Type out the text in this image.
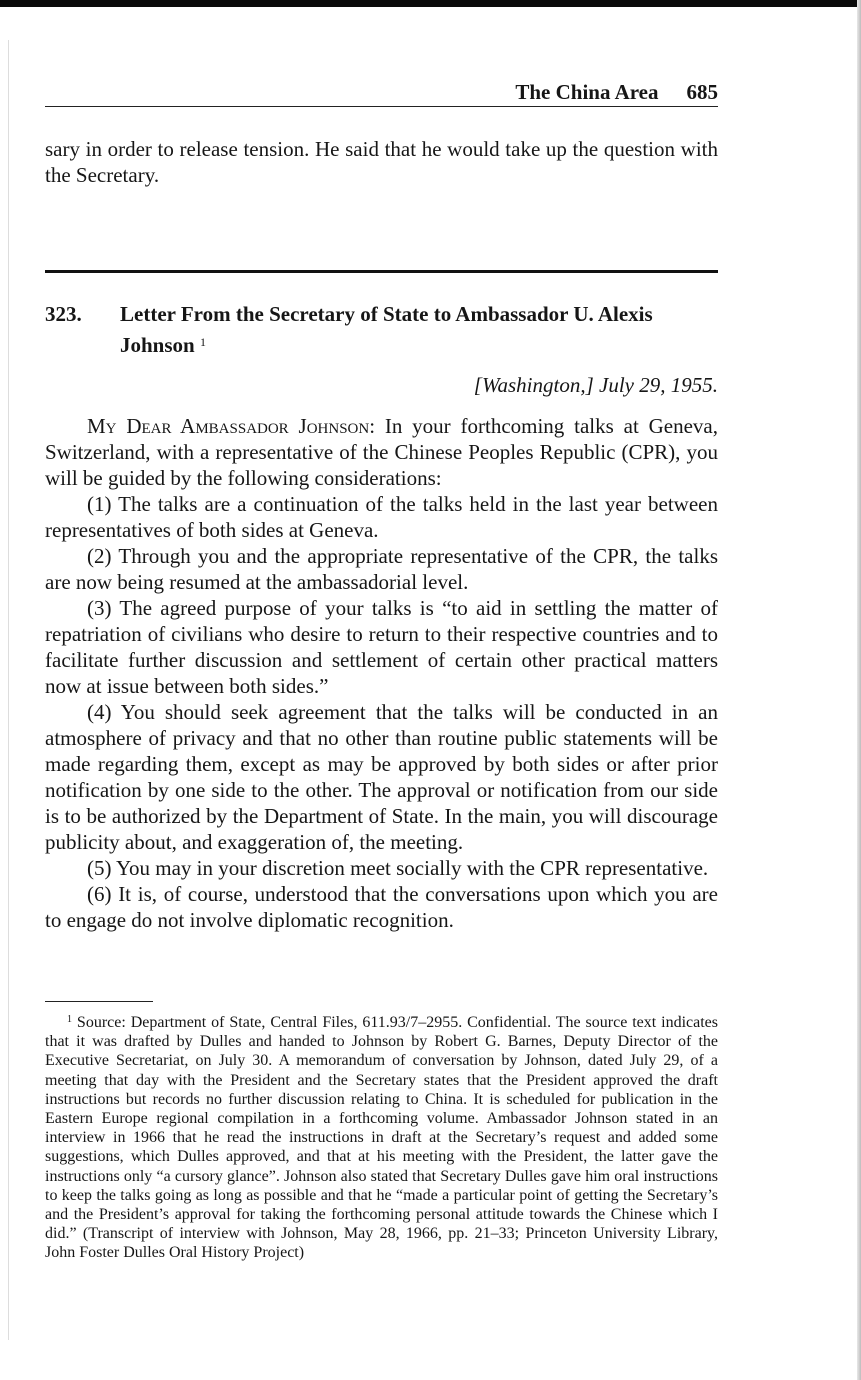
The China Area 685
sary in order to release tension. He said that he would take up the question with the Secretary.
323. Letter From the Secretary of State to Ambassador U. Alexis Johnson $^1$
[Washington,] July 29, 1955.

My Dear Ambassador Johnson: In your forthcoming talks at Geneva, Switzerland, with a representative of the Chinese Peoples Republic (CPR), you will be guided by the following considerations:

(1) The talks are a continuation of the talks held in the last year between representatives of both sides at Geneva.

(2) Through you and the appropriate representative of the CPR, the talks are now being resumed at the ambassadorial level.

(3) The agreed purpose of your talks is “to aid in settling the matter of repatriation of civilians who desire to return to their respective countries and to facilitate further discussion and settlement of certain other practical matters now at issue between both sides.”

(4) You should seek agreement that the talks will be conducted in an atmosphere of privacy and that no other than routine public statements will be made regarding them, except as may be approved by both sides or after prior notification by one side to the other. The approval or notification from our side is to be authorized by the Department of State. In the main, you will discourage publicity about, and exaggeration of, the meeting.

(5) You may in your discretion meet socially with the CPR representative.

(6) It is, of course, understood that the conversations upon which you are to engage do not involve diplomatic recognition.

$^1$ Source: Department of State, Central Files, 611.93/7–2955. Confidential. The source text indicates that it was drafted by Dulles and handed to Johnson by Robert G. Barnes, Deputy Director of the Executive Secretariat, on July 30. A memorandum of conversation by Johnson, dated July 29, of a meeting that day with the President and the Secretary states that the President approved the draft instructions but records no further discussion relating to China. It is scheduled for publication in the Eastern Europe regional compilation in a forthcoming volume. Ambassador Johnson stated in an interview in 1966 that he read the instructions in draft at the Secretary’s request and added some suggestions, which Dulles approved, and that at his meeting with the President, the latter gave the instructions only “a cursory glance”. Johnson also stated that Secretary Dulles gave him oral instructions to keep the talks going as long as possible and that he “made a particular point of getting the Secretary’s and the President’s approval for taking the forthcoming personal attitude towards the Chinese which I did.” (Transcript of interview with Johnson, May 28, 1966, pp. 21–33; Princeton University Library, John Foster Dulles Oral History Project)
